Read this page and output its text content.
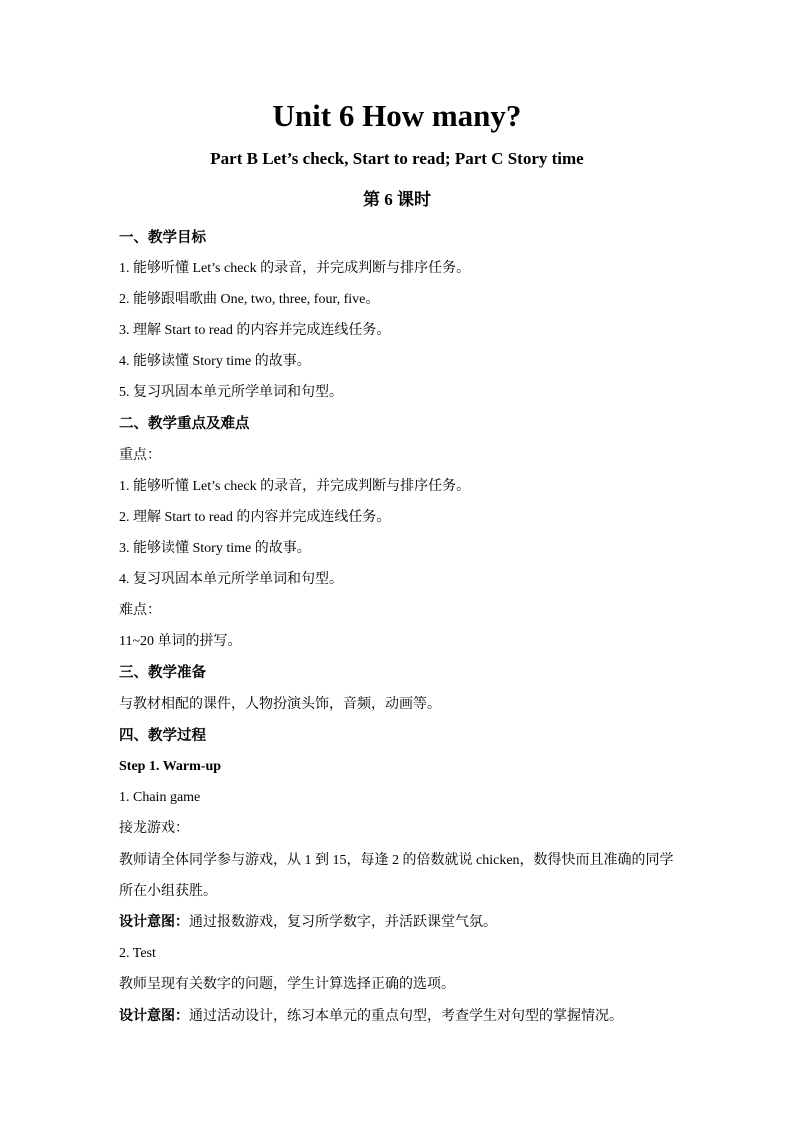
Unit 6 How many?
Part B Let’s check, Start to read; Part C Story time
第 6 课时
一、教学目标
1. 能够听懂 Let’s check 的录音，并完成判断与排序任务。
2. 能够跟唱歌曲 One, two, three, four, five。
3. 理解 Start to read 的内容并完成连线任务。
4. 能够读懂 Story time 的故事。
5. 复习巩固本单元所学单词和句型。
二、教学重点及难点
重点：
1. 能够听懂 Let’s check 的录音，并完成判断与排序任务。
2. 理解 Start to read 的内容并完成连线任务。
3. 能够读懂 Story time 的故事。
4. 复习巩固本单元所学单词和句型。
难点：
11~20 单词的拼写。
三、教学准备
与教材相配的课件，人物扮演头饰，音频，动画等。
四、教学过程
Step 1. Warm-up
1. Chain game
接龙游戏：
教师请全体同学参与游戏，从 1 到 15，每逢 2 的倍数就说 chicken，数得快而且准确的同学
所在小组获胜。
设计意图：通过报数游戏，复习所学数字，并活跃课堂气氛。
2. Test
教师呈现有关数字的问题，学生计算选择正确的选项。
设计意图：通过活动设计，练习本单元的重点句型，考查学生对句型的掌握情况。
